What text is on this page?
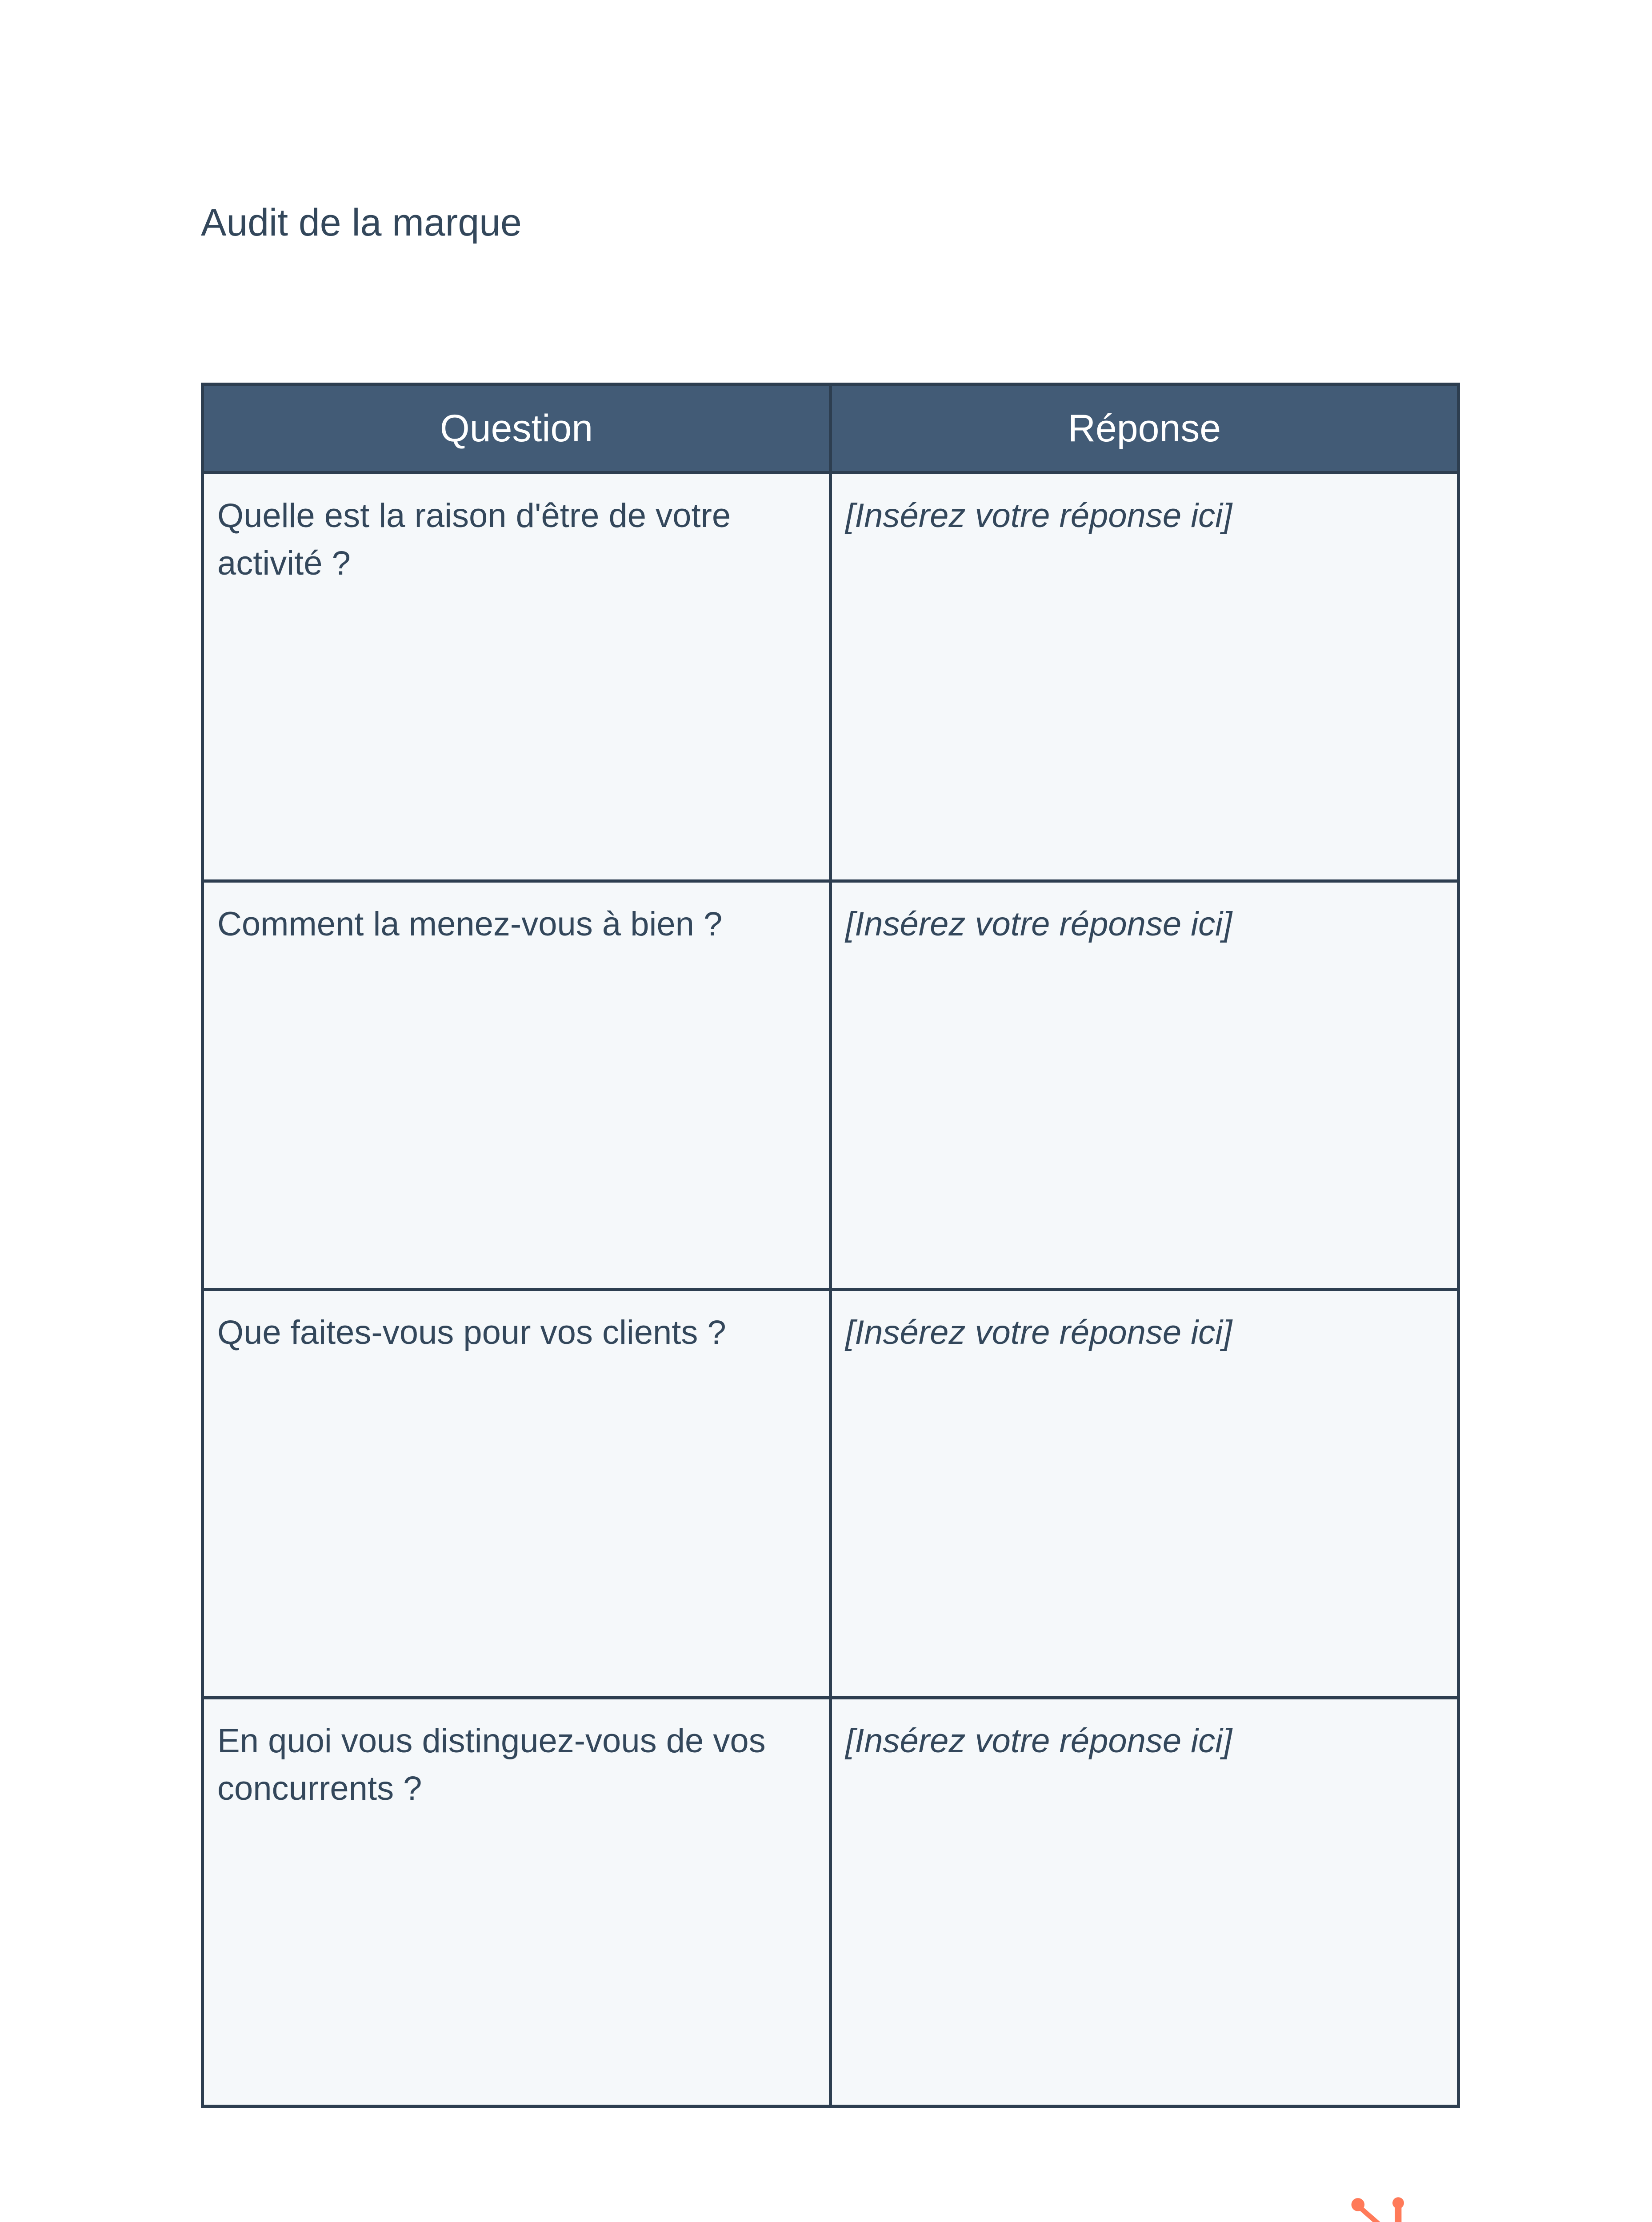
Audit de la marque
Question	Réponse
Quelle est la raison d'être de votre activité ?	[Insérez votre réponse ici]
Comment la menez-vous à bien ?	[Insérez votre réponse ici]
Que faites-vous pour vos clients ?	[Insérez votre réponse ici]
En quoi vous distinguez-vous de vos concurrents ?	[Insérez votre réponse ici]
